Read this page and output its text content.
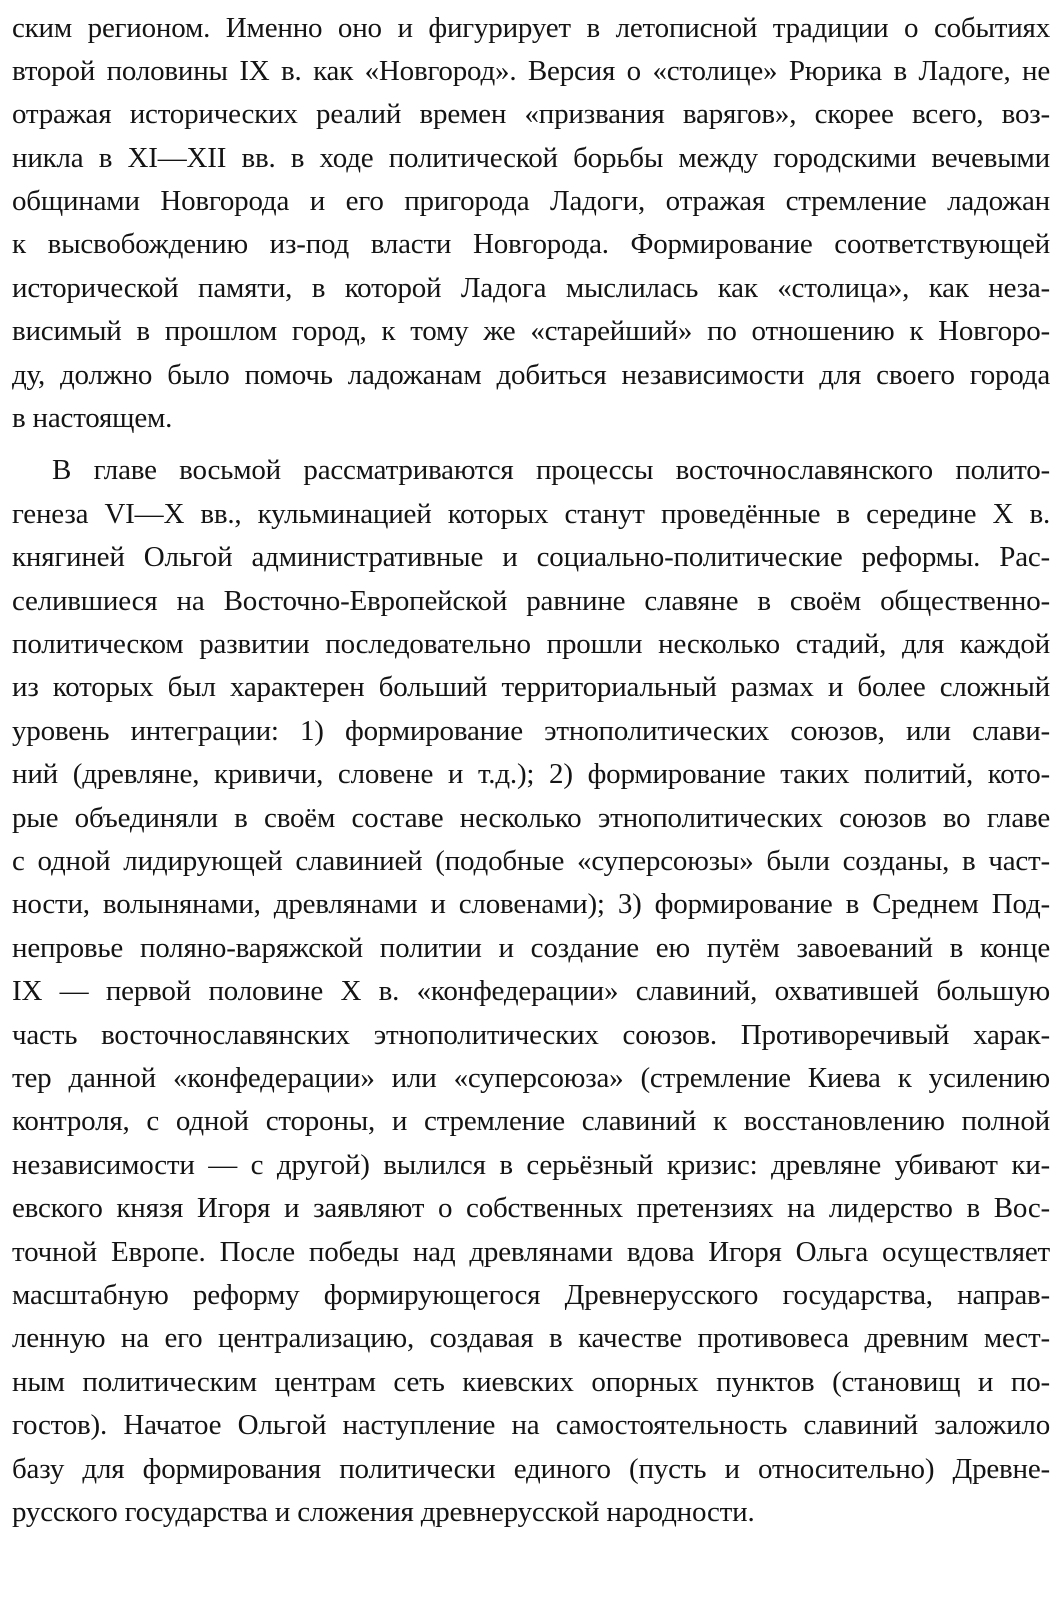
ским регионом. Именно оно и фигурирует в летописной традиции о событиях
второй половины IX в. как «Новгород». Версия о «столице» Рюрика в Ладоге, не
отражая исторических реалий времен «призвания варягов», скорее всего, воз-
никла в XI—XII вв. в ходе политической борьбы между городскими вечевыми
общинами Новгорода и его пригорода Ладоги, отражая стремление ладожан
к высвобождению из-под власти Новгорода. Формирование соответствующей
исторической памяти, в которой Ладога мыслилась как «столица», как неза-
висимый в прошлом город, к тому же «старейший» по отношению к Новгоро-
ду, должно было помочь ладожанам добиться независимости для своего города
в настоящем.
В главе восьмой рассматриваются процессы восточнославянского полито-
генеза VI—X вв., кульминацией которых станут проведённые в середине X в.
княгиней Ольгой административные и социально-политические реформы. Рас-
селившиеся на Восточно-Европейской равнине славяне в своём общественно-
политическом развитии последовательно прошли несколько стадий, для каждой
из которых был характерен больший территориальный размах и более сложный
уровень интеграции: 1) формирование этнополитических союзов, или слави-
ний (древляне, кривичи, словене и т.д.); 2) формирование таких политий, кото-
рые объединяли в своём составе несколько этнополитических союзов во главе
с одной лидирующей славинией (подобные «суперсоюзы» были созданы, в част-
ности, волынянами, древлянами и словенами); 3) формирование в Среднем Под-
непровье поляно-варяжской политии и создание ею путём завоеваний в конце
IX — первой половине X в. «конфедерации» славиний, охватившей большую
часть восточнославянских этнополитических союзов. Противоречивый харак-
тер данной «конфедерации» или «суперсоюза» (стремление Киева к усилению
контроля, с одной стороны, и стремление славиний к восстановлению полной
независимости — с другой) вылился в серьёзный кризис: древляне убивают ки-
евского князя Игоря и заявляют о собственных претензиях на лидерство в Вос-
точной Европе. После победы над древлянами вдова Игоря Ольга осуществляет
масштабную реформу формирующегося Древнерусского государства, направ-
ленную на его централизацию, создавая в качестве противовеса древним мест-
ным политическим центрам сеть киевских опорных пунктов (становищ и по-
гостов). Начатое Ольгой наступление на самостоятельность славиний заложило
базу для формирования политически единого (пусть и относительно) Древне-
русского государства и сложения древнерусской народности.
